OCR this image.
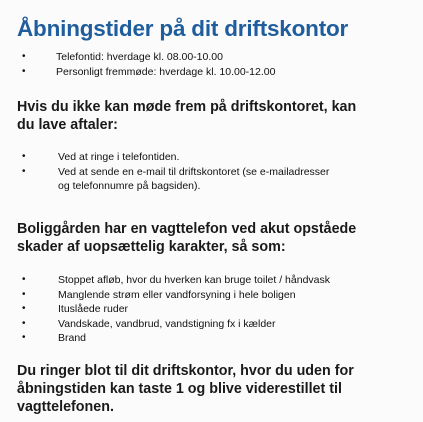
Åbningstider på dit driftskontor
•	Telefontid: hverdage kl. 08.00-10.00
•	Personligt fremmøde: hverdage kl. 10.00-12.00
Hvis du ikke kan møde frem på driftskontoret, kan
du lave aftaler:
•	Ved at ringe i telefontiden.
•	Ved at sende en e-mail til driftskontoret (se e-mailadresser
og telefonnumre på bagsiden).
Boliggården har en vagttelefon ved akut opståede
skader af uopsættelig karakter, så som:
•	Stoppet afløb, hvor du hverken kan bruge toilet / håndvask
•	Manglende strøm eller vandforsyning i hele boligen
•	Ituslåede ruder
•	Vandskade, vandbrud, vandstigning fx i kælder
•	Brand
Du ringer blot til dit driftskontor, hvor du uden for
åbningstiden kan taste 1 og blive viderestillet til
vagttelefonen.
